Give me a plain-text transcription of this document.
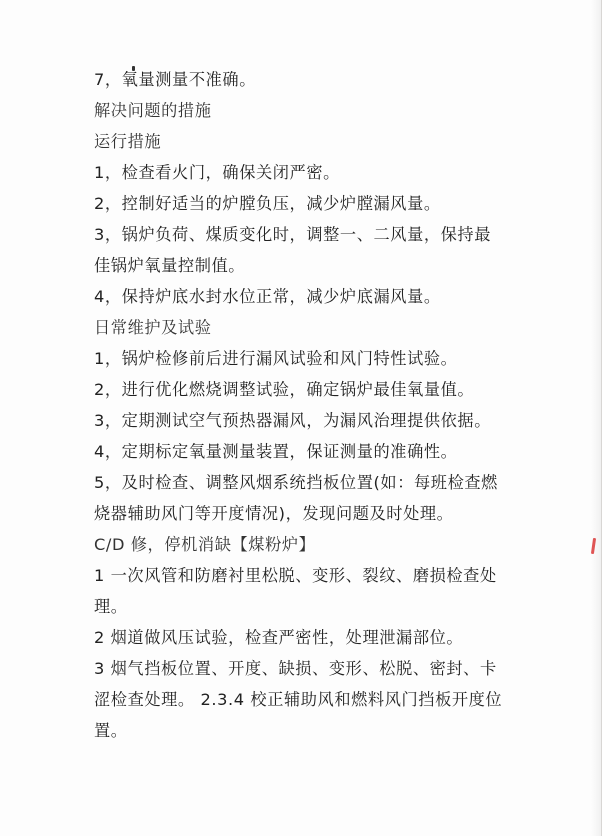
7，氧量测量不准确。
解决问题的措施
运行措施
1，检查看火门，确保关闭严密。
2，控制好适当的炉膛负压，减少炉膛漏风量。
3，锅炉负荷、煤质变化时，调整一、二风量，保持最
佳锅炉氧量控制值。
4，保持炉底水封水位正常，减少炉底漏风量。
日常维护及试验
1，锅炉检修前后进行漏风试验和风门特性试验。
2，进行优化燃烧调整试验，确定锅炉最佳氧量值。
3，定期测试空气预热器漏风，为漏风治理提供依据。
4，定期标定氧量测量装置，保证测量的准确性。
5，及时检查、调整风烟系统挡板位置(如：每班检查燃
烧器辅助风门等开度情况)，发现问题及时处理。
C/D 修，停机消缺【煤粉炉】
1 一次风管和防磨衬里松脱、变形、裂纹、磨损检查处
理。
2 烟道做风压试验，检查严密性，处理泄漏部位。
3 烟气挡板位置、开度、缺损、变形、松脱、密封、卡
涩检查处理。 2.3.4 校正辅助风和燃料风门挡板开度位
置。
